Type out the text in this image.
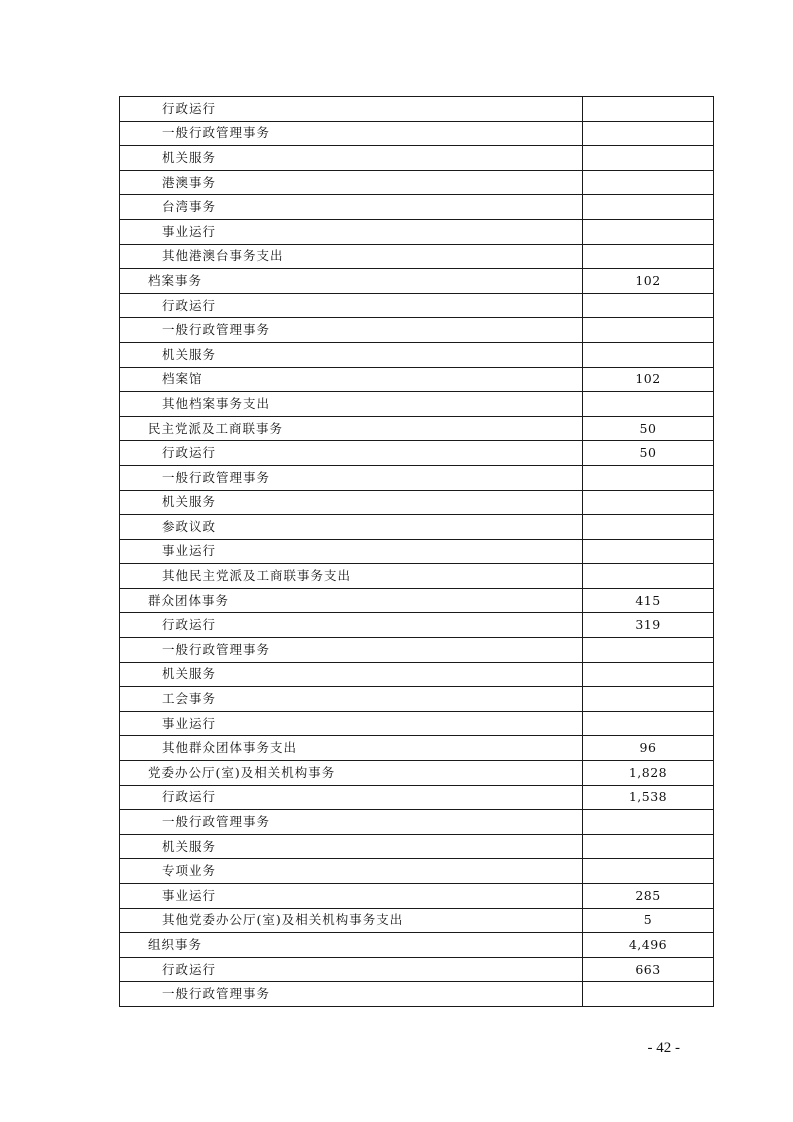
行政运行	
一般行政管理事务	
机关服务	
港澳事务	
台湾事务	
事业运行	
其他港澳台事务支出	
档案事务	102
行政运行	
一般行政管理事务	
机关服务	
档案馆	102
其他档案事务支出	
民主党派及工商联事务	50
行政运行	50
一般行政管理事务	
机关服务	
参政议政	
事业运行	
其他民主党派及工商联事务支出	
群众团体事务	415
行政运行	319
一般行政管理事务	
机关服务	
工会事务	
事业运行	
其他群众团体事务支出	96
党委办公厅(室)及相关机构事务	1,828
行政运行	1,538
一般行政管理事务	
机关服务	
专项业务	
事业运行	285
其他党委办公厅(室)及相关机构事务支出	5
组织事务	4,496
行政运行	663
一般行政管理事务	
- 42 -
